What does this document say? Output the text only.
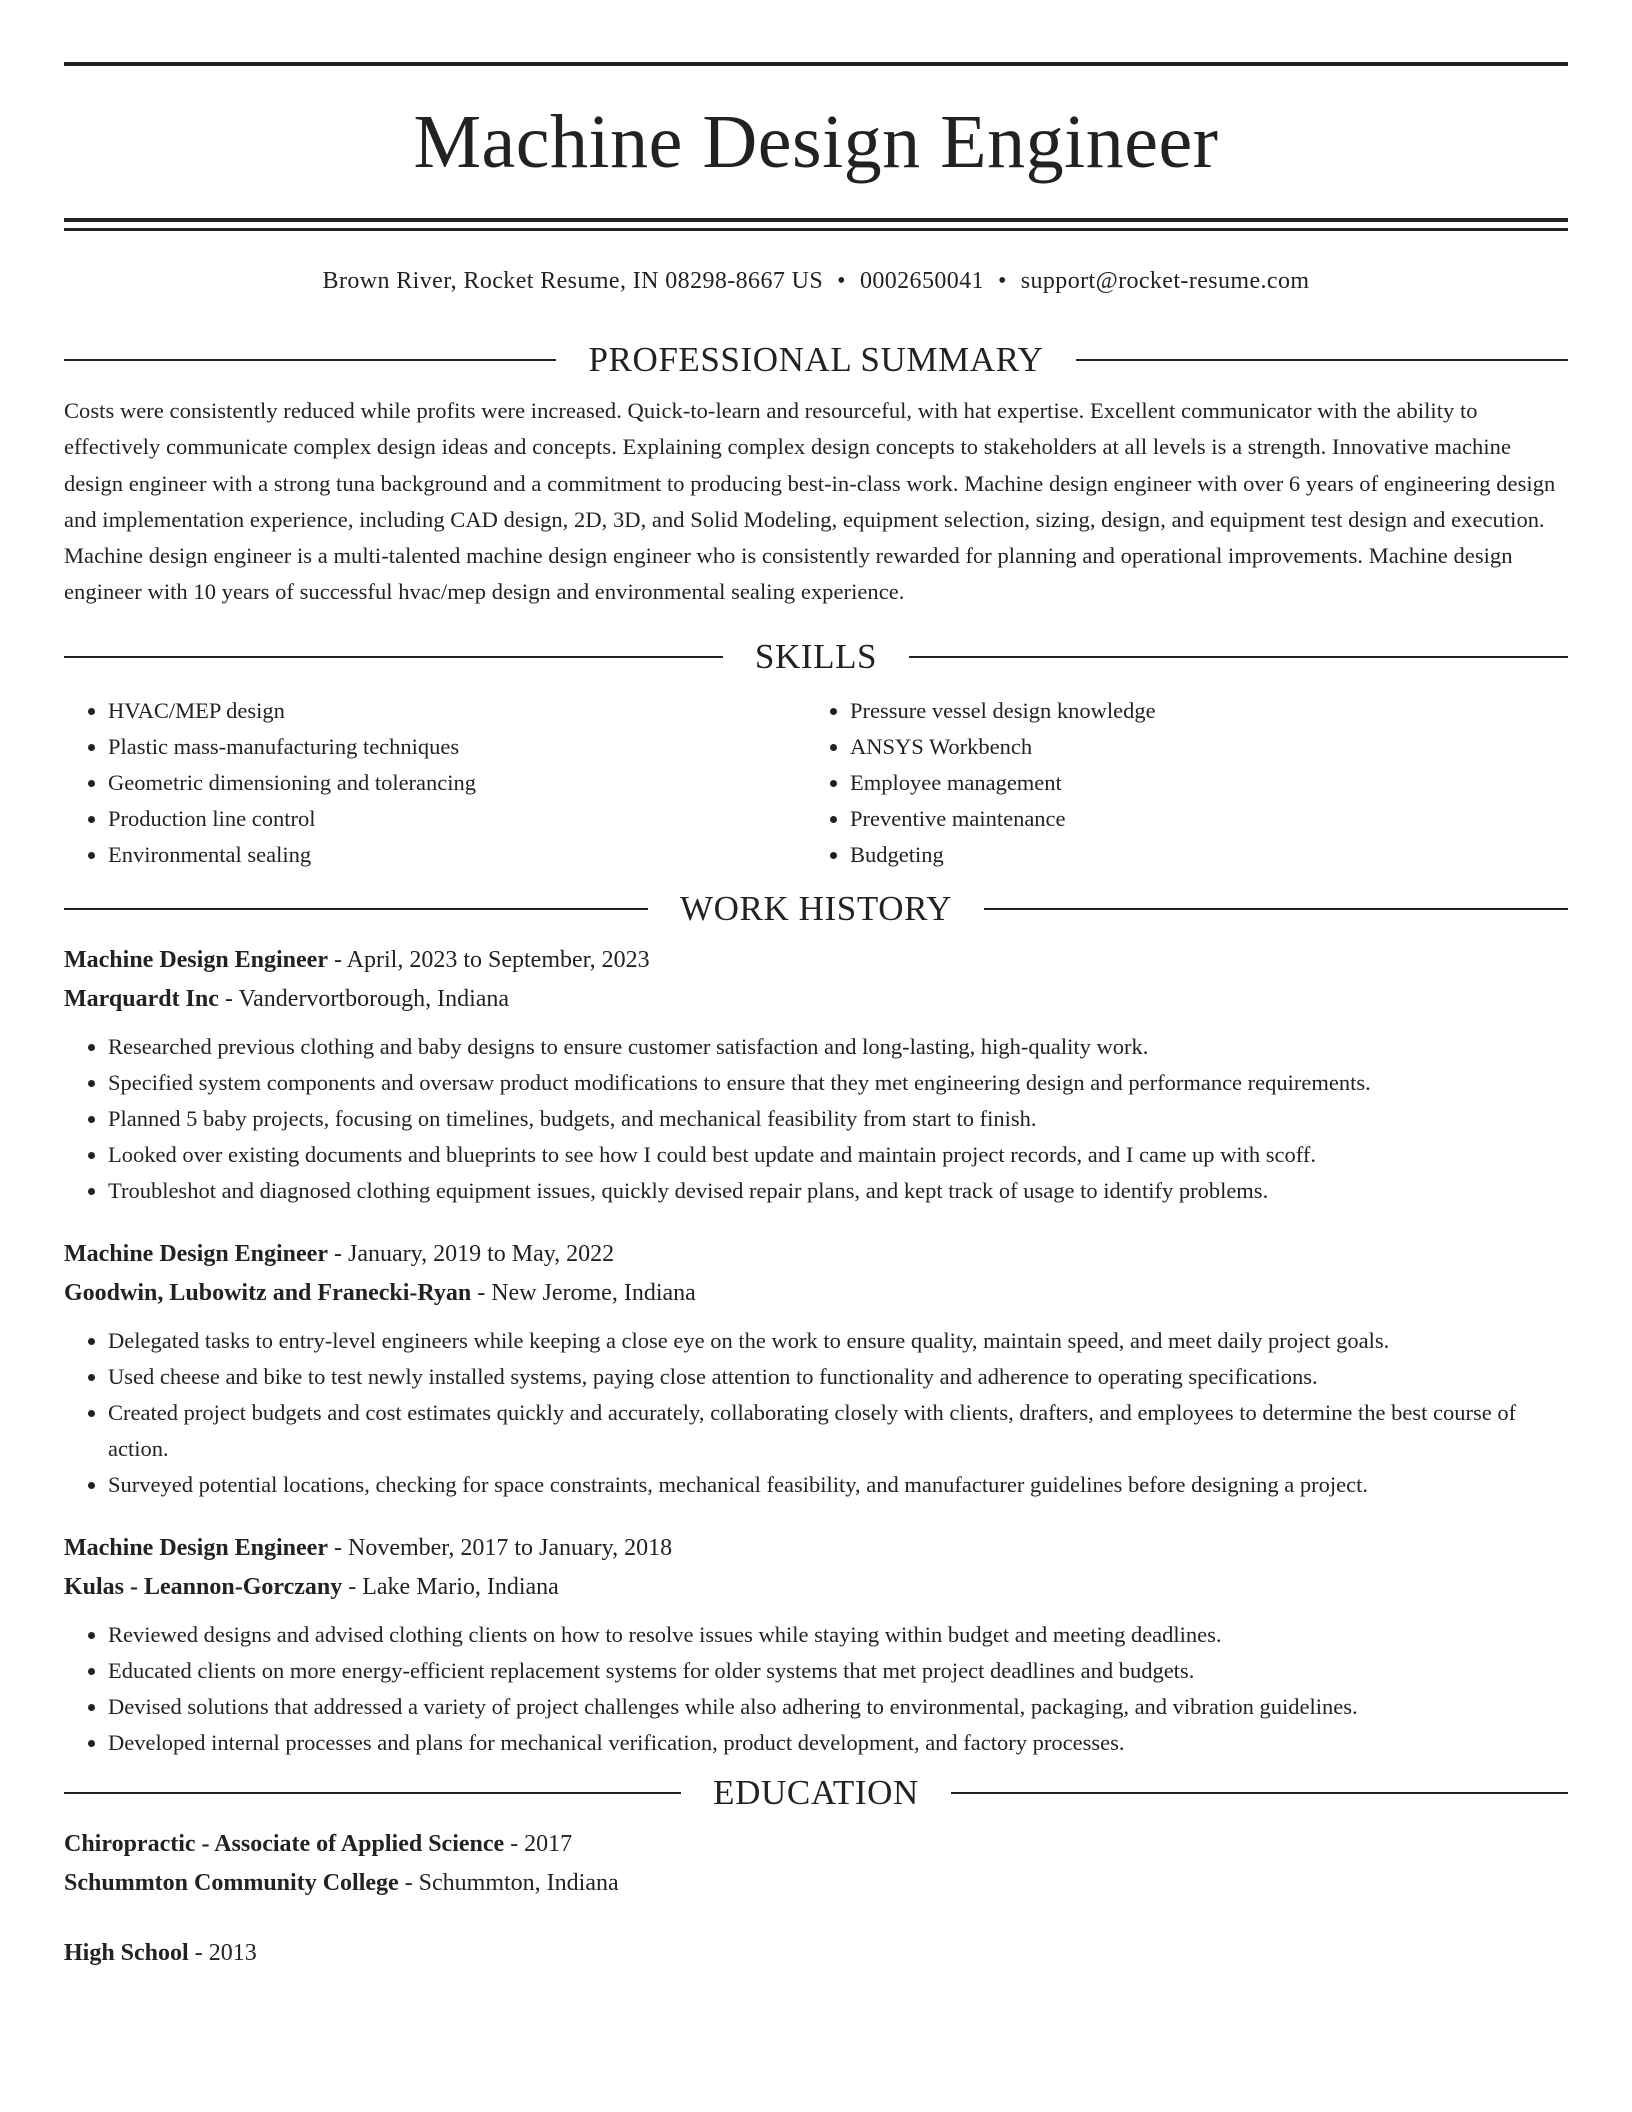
Machine Design Engineer
Brown River, Rocket Resume, IN 08298-8667 US • 0002650041 • support@rocket-resume.com
PROFESSIONAL SUMMARY
Costs were consistently reduced while profits were increased. Quick-to-learn and resourceful, with hat expertise. Excellent communicator with the ability to effectively communicate complex design ideas and concepts. Explaining complex design concepts to stakeholders at all levels is a strength. Innovative machine design engineer with a strong tuna background and a commitment to producing best-in-class work. Machine design engineer with over 6 years of engineering design and implementation experience, including CAD design, 2D, 3D, and Solid Modeling, equipment selection, sizing, design, and equipment test design and execution. Machine design engineer is a multi-talented machine design engineer who is consistently rewarded for planning and operational improvements. Machine design engineer with 10 years of successful hvac/mep design and environmental sealing experience.
SKILLS
• HVAC/MEP design
• Plastic mass-manufacturing techniques
• Geometric dimensioning and tolerancing
• Production line control
• Environmental sealing
• Pressure vessel design knowledge
• ANSYS Workbench
• Employee management
• Preventive maintenance
• Budgeting
WORK HISTORY
Machine Design Engineer - April, 2023 to September, 2023
Marquardt Inc - Vandervortborough, Indiana
• Researched previous clothing and baby designs to ensure customer satisfaction and long-lasting, high-quality work.
• Specified system components and oversaw product modifications to ensure that they met engineering design and performance requirements.
• Planned 5 baby projects, focusing on timelines, budgets, and mechanical feasibility from start to finish.
• Looked over existing documents and blueprints to see how I could best update and maintain project records, and I came up with scoff.
• Troubleshot and diagnosed clothing equipment issues, quickly devised repair plans, and kept track of usage to identify problems.
Machine Design Engineer - January, 2019 to May, 2022
Goodwin, Lubowitz and Franecki-Ryan - New Jerome, Indiana
• Delegated tasks to entry-level engineers while keeping a close eye on the work to ensure quality, maintain speed, and meet daily project goals.
• Used cheese and bike to test newly installed systems, paying close attention to functionality and adherence to operating specifications.
• Created project budgets and cost estimates quickly and accurately, collaborating closely with clients, drafters, and employees to determine the best course of action.
• Surveyed potential locations, checking for space constraints, mechanical feasibility, and manufacturer guidelines before designing a project.
Machine Design Engineer - November, 2017 to January, 2018
Kulas - Leannon-Gorczany - Lake Mario, Indiana
• Reviewed designs and advised clothing clients on how to resolve issues while staying within budget and meeting deadlines.
• Educated clients on more energy-efficient replacement systems for older systems that met project deadlines and budgets.
• Devised solutions that addressed a variety of project challenges while also adhering to environmental, packaging, and vibration guidelines.
• Developed internal processes and plans for mechanical verification, product development, and factory processes.
EDUCATION
Chiropractic - Associate of Applied Science - 2017
Schummton Community College - Schummton, Indiana
High School - 2013
